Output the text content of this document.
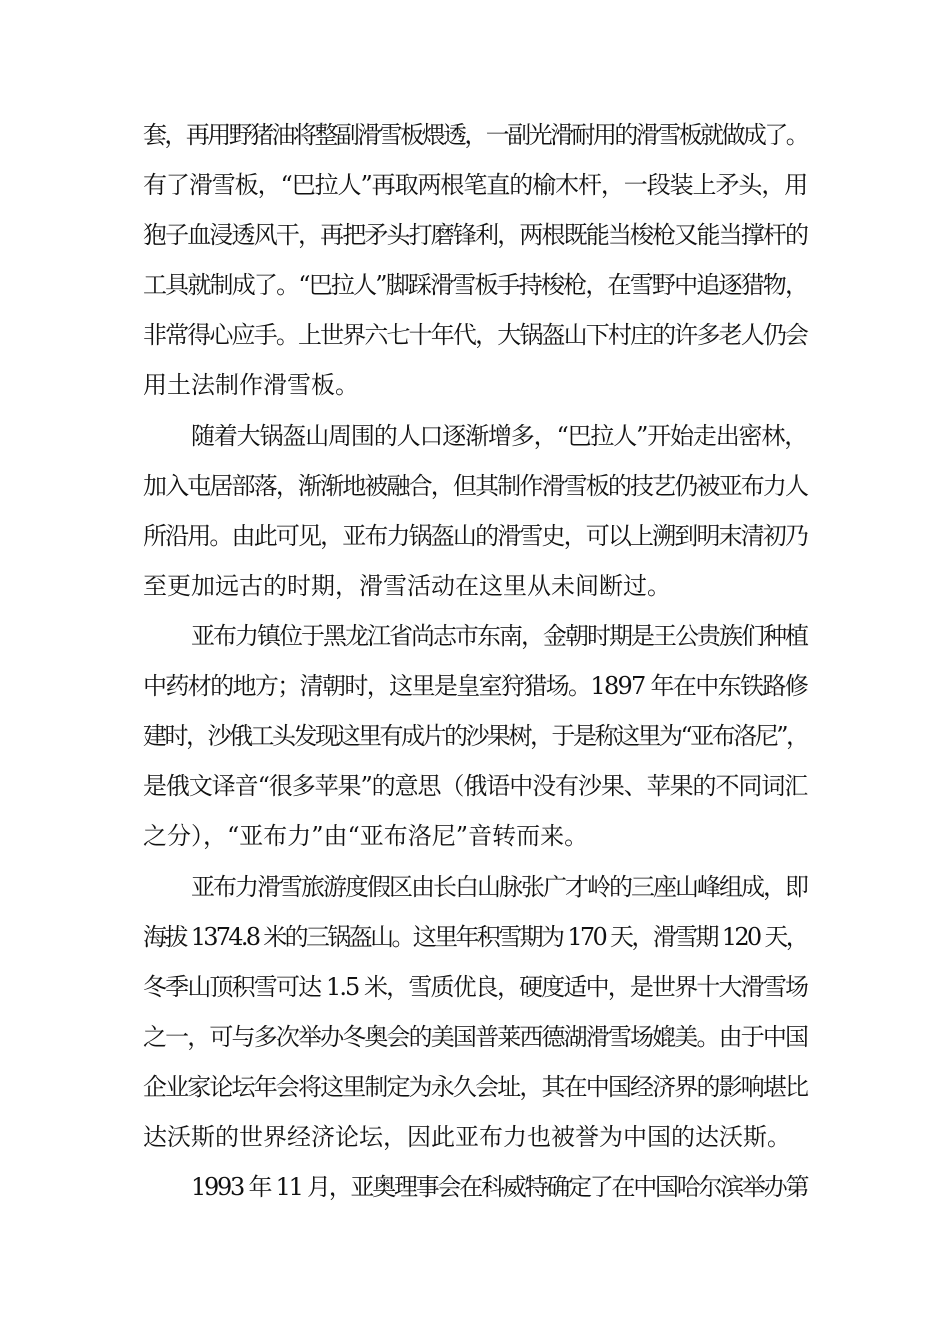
套，再用野猪油将整副滑雪板煨透，一副光滑耐用的滑雪板就做成了。
有了滑雪板，“巴拉人”再取两根笔直的榆木杆，一段装上矛头，用
狍子血浸透风干，再把矛头打磨锋利，两根既能当梭枪又能当撑杆的
工具就制成了。“巴拉人”脚踩滑雪板手持梭枪，在雪野中追逐猎物，
非常得心应手。上世界六七十年代，大锅盔山下村庄的许多老人仍会
用土法制作滑雪板。
随着大锅盔山周围的人口逐渐增多，“巴拉人”开始走出密林，
加入屯居部落，渐渐地被融合，但其制作滑雪板的技艺仍被亚布力人
所沿用。由此可见，亚布力锅盔山的滑雪史，可以上溯到明末清初乃
至更加远古的时期，滑雪活动在这里从未间断过。
亚布力镇位于黑龙江省尚志市东南，金朝时期是王公贵族们种植
中药材的地方；清朝时，这里是皇室狩猎场。1897 年在中东铁路修
建时，沙俄工头发现这里有成片的沙果树，于是称这里为“亚布洛尼”，
是俄文译音“很多苹果”的意思（俄语中没有沙果、苹果的不同词汇
之分），“亚布力”由“亚布洛尼”音转而来。
亚布力滑雪旅游度假区由长白山脉张广才岭的三座山峰组成，即
海拔 1374.8 米的三锅盔山。这里年积雪期为 170 天，滑雪期 120 天，
冬季山顶积雪可达 1.5 米，雪质优良，硬度适中，是世界十大滑雪场
之一，可与多次举办冬奥会的美国普莱西德湖滑雪场媲美。由于中国
企业家论坛年会将这里制定为永久会址，其在中国经济界的影响堪比
达沃斯的世界经济论坛，因此亚布力也被誉为中国的达沃斯。
1993 年 11 月，亚奥理事会在科威特确定了在中国哈尔滨举办第
